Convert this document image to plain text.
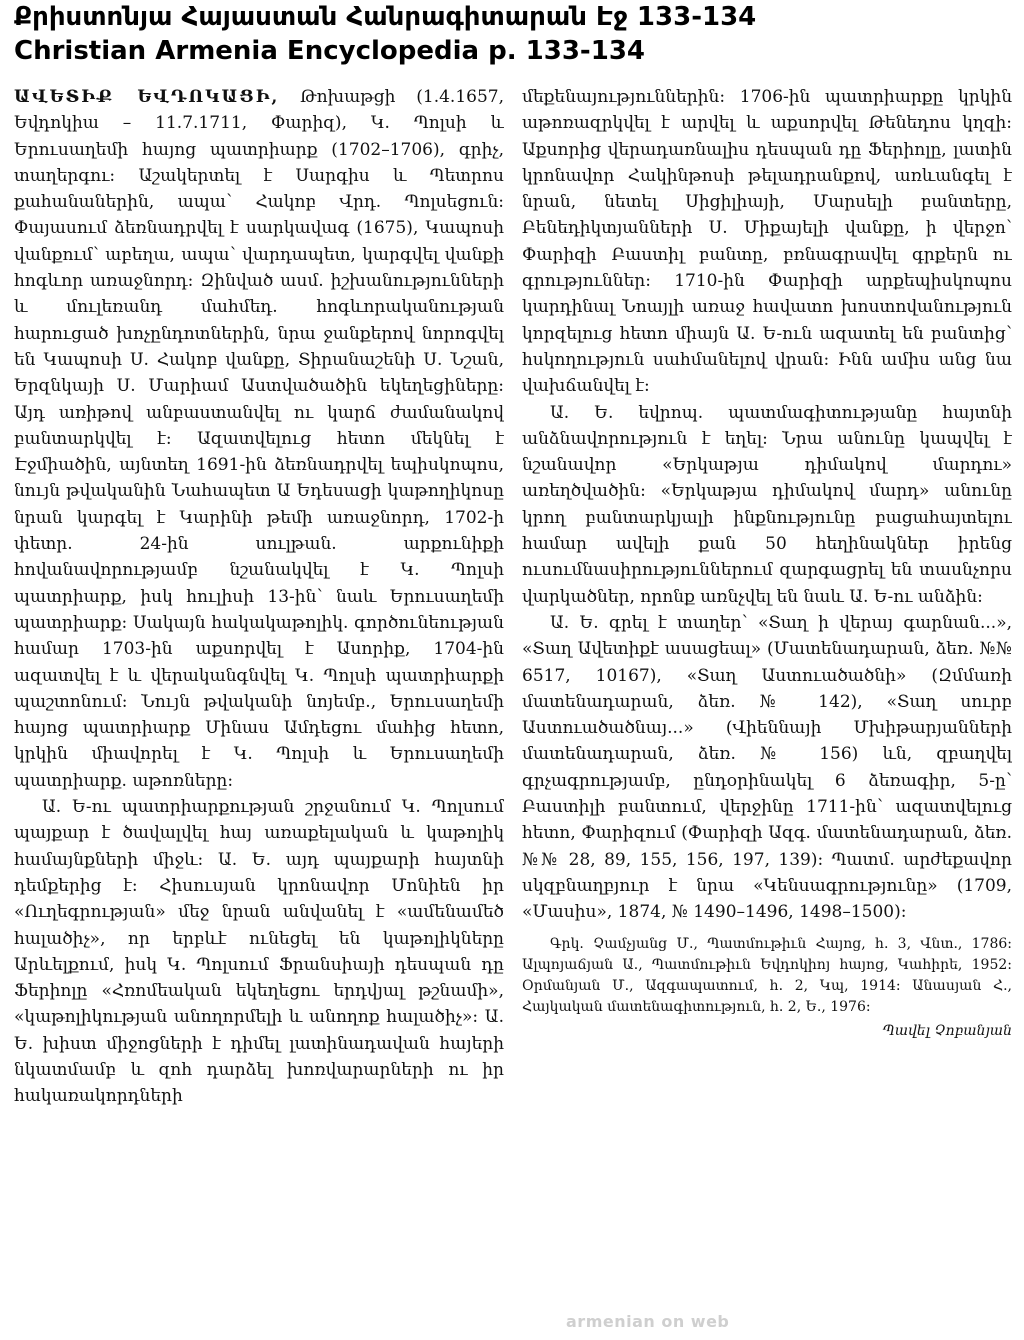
Քրիստոնյա Հայաստան Հանրագիտարան Էջ 133-134
Christian Armenia Encyclopedia p. 133-134

ԱՎԵՏԻՔ ԵՎԴՈԿԱՑԻ, Թոխաթցի (1.4.1657, Եվդոկիա – 11.7.1711, Փարիզ), Կ. Պոլսի և Երուսաղեմի հայոց պատրիարք (1702–1706), գրիչ, տաղերգու: Աշակերտել է Սարգիս և Պետրոս քահանաներին, ապա՝ Հակոբ Վրդ. Պոլսեցուն: Փայասում ձեռնադրվել է սարկավագ (1675), Կապոսի վանքում՝ աբեղա, ապա՝ վարդապետ, կարգվել վանքի հոգևոր առաջնորդ: Զինված ասմ. իշխանությունների և մուլեռանդ մահմեդ. հոգևորականության հարուցած խոչընդոտներին, նրա ջանքերով նորոգվել են Կապոսի Ս. Հակոբ վանքը, Տիրանաշենի Ս. Նշան, Երզնկայի Ս. Մարիամ Աստվածածին եկեղեցիները: Այդ առիթով անբաստանվել ու կարճ ժամանակով բանտարկվել է: Ազատվելուց հետո մեկնել է Էջմիածին, այնտեղ 1691-ին ձեռնադրվել եպիսկոպոս, նույն թվականին Նահապետ Ա Եդեսացի կաթողիկոսը նրան կարգել է Կարինի թեմի առաջնորդ, 1702-ի փետր. 24-ին սուլթան. արքունիքի հովանավորությամբ նշանակվել է Կ. Պոլսի պատրիարք, իսկ հուլիսի 13-ին՝ նաև Երուսաղեմի պատրիարք: Սակայն հակակաթոլիկ. գործունեության համար 1703-ին աքսորվել է Ասորիք, 1704-ին ազատվել է և վերականգնվել Կ. Պոլսի պատրիարքի պաշտոնում: Նույն թվականի նոյեմբ., Երուսաղեմի հայոց պատրիարք Մինաս Ամդեցու մահից հետո, կրկին միավորել է Կ. Պոլսի և Երուսաղեմի պատրիարք. աթոռները:

Ա. Ե-ու պատրիարքության շրջանում Կ. Պոլսում պայքար է ծավալվել հայ առաքելական և կաթոլիկ համայնքների միջև: Ա. Ե. այդ պայքարի հայտնի դեմքերից է: Հիսուսյան կրոնավոր Մոնիեն իր «Ուղեգրության» մեջ նրան անվանել է «ամենամեծ հալածիչ», որ երբևէ ունեցել են կաթոլիկները Արևելքում, իսկ Կ. Պոլսում Ֆրանսիայի դեսպան դը Ֆերիոլը «Հռոմեական եկեղեցու երդվյալ թշնամի», «կաթոլիկության անողորմելի և անողոք հալածիչ»: Ա. Ե. խիստ միջոցների է դիմել լատինադավան հայերի նկատմամբ և զոհ դարձել խոռվարարների ու իր հակառակորդների

մեքենայություններին: 1706-ին պատրիարքը կրկին աթոռազրկվել է արվել և աքսորվել Թենեդոս կղզի: Աքսորից վերադառնալիս դեսպան դը Ֆերիոլը, լատին կրոնավոր Հակինթոսի թելադրանքով, առևանգել է նրան, նետել Սիցիլիայի, Մարսելի բանտերը, Բենեդիկտյանների Ս. Միքայելի վանքը, ի վերջո՝ Փարիզի Բաստիլ բանտը, բռնագրավել գրքերն ու գրություններ: 1710-ին Փարիզի արքեպիսկոպոս կարդինալ Նոայլի առաջ հավատո խոստովանություն կորզելուց հետո միայն Ա. Ե-ուն ազատել են բանտից՝ հսկողություն սահմանելով վրան: Ինն ամիս անց նա վախճանվել է:

Ա. Ե. եվրոպ. պատմագիտությանը հայտնի անձնավորություն է եղել: Նրա անունը կապվել է նշանավոր «Երկաթյա դիմակով մարդու» առեղծվածին: «Երկաթյա դիմակով մարդ» անունը կրող բանտարկյալի ինքնությունը բացահայտելու համար ավելի քան 50 հեղինակներ իրենց ուսումնասիրություններում զարգացրել են տասնչորս վարկածներ, որոնք առնչվել են նաև Ա. Ե-ու անձին:

Ա. Ե. գրել է տաղեր՝ «Տաղ ի վերայ գարնան...», «Տաղ Ավետիքէ ասացեալ» (Մատենադարան, ձեռ. №№ 6517, 10167), «Տաղ Աստուածածնի» (Զմմառի մատենադարան, ձեռ. № 142), «Տաղ սուրբ Աստուածածնայ...» (Վիեննայի Մխիթարյանների մատենադարան, ձեռ. № 156) ևն, զբաղվել գրչագրությամբ, ընդօրինակել 6 ձեռագիր, 5-ը՝ Բաստիլի բանտում, վերջինը 1711-ին՝ ազատվելուց հետո, Փարիզում (Փարիզի Ազգ. մատենադարան, ձեռ. №№ 28, 89, 155, 156, 197, 139): Պատմ. արժեքավոր սկզբնաղբյուր է նրա «Կենսագրությունը» (1709, «Մասիս», 1874, № 1490–1496, 1498–1500):

Գրկ. Չամչյանց Մ., Պատմութիւն Հայոց, հ. 3, Վնտ., 1786: Ալպոյաճյան Ա., Պատմութիւն Եվդոկիոյ հայոց, Կահիրե, 1952: Օրմանյան Մ., Ազգապատում, հ. 2, Կպ, 1914: Անասյան Հ., Հայկական մատենագիտություն, հ. 2, Ե., 1976:

Պավել Չոբանյան
armenian on web
